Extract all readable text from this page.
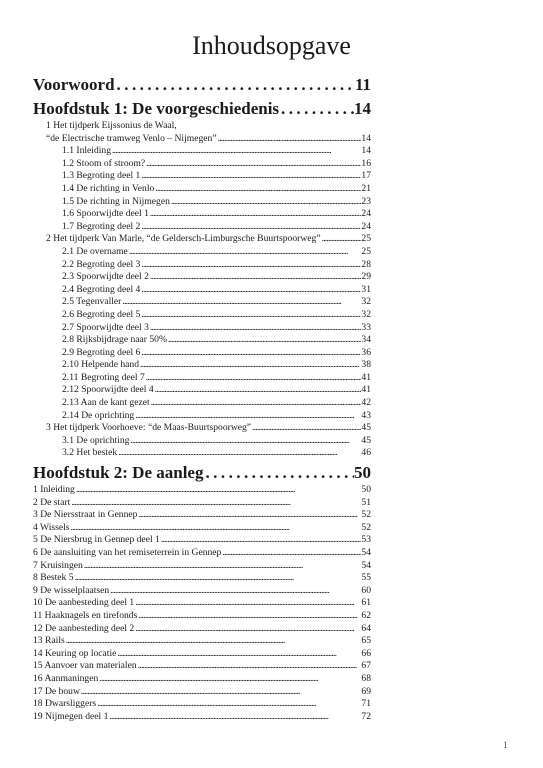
Inhoudsopgave
Voorwoord . . .	11
Hoofdstuk 1: De voorgeschiedenis . . .	14
1 Het tijdperk Eijssonius de Waal,
“de Electrische tramweg Venlo – Nijmegen” . . .	14
1.1 Inleiding . . .	14
1.2 Stoom of stroom? . . .	16
1.3 Begroting deel 1 . . .	17
1.4 De richting in Venlo . . .	21
1.5 De richting in Nijmegen . . .	23
1.6 Spoorwijdte deel 1 . . .	24
1.7 Begroting deel 2 . . .	24
2 Het tijdperk Van Marle, “de Geldersch-Limburgsche Buurtspoorweg” . . .	25
2.1 De overname . . .	25
2.2 Begroting deel 3 . . .	28
2.3 Spoorwijdte deel 2 . . .	29
2.4 Begroting deel 4 . . .	31
2.5 Tegenvaller . . .	32
2.6 Begroting deel 5 . . .	32
2.7 Spoorwijdte deel 3 . . .	33
2.8 Rijksbijdrage naar 50% . . .	34
2.9 Begroting deel 6 . . .	36
2.10 Helpende hand . . .	38
2.11 Begroting deel 7 . . .	41
2.12 Spoorwijdte deel 4 . . .	41
2.13 Aan de kant gezet . . .	42
2.14 De oprichting . . .	43
3 Het tijdperk Voorhoeve: “de Maas-Buurtspoorweg” . . .	45
3.1 De oprichting . . .	45
3.2 Het bestek . . .	46
Hoofdstuk 2: De aanleg . . .	50
1 Inleiding . . .	50
2 De start . . .	51
3 De Niersstraat in Gennep . . .	52
4 Wissels . . .	52
5 De Niersbrug in Gennep deel 1 . . .	53
6 De aansluiting van het remiseterrein in Gennep . . .	54
7 Kruisingen . . .	54
8 Bestek 5 . . .	55
9 De wisselplaatsen . . .	60
10 De aanbesteding deel 1 . . .	61
11 Haaknagels en tirefonds . . .	62
12 De aanbesteding deel 2 . . .	64
13 Rails . . .	65
14 Keuring op locatie . . .	66
15 Aanvoer van materialen . . .	67
16 Aanmaningen . . .	68
17 De bouw . . .	69
18 Dwarsliggers . . .	71
19 Nijmegen deel 1 . . .	72
1
